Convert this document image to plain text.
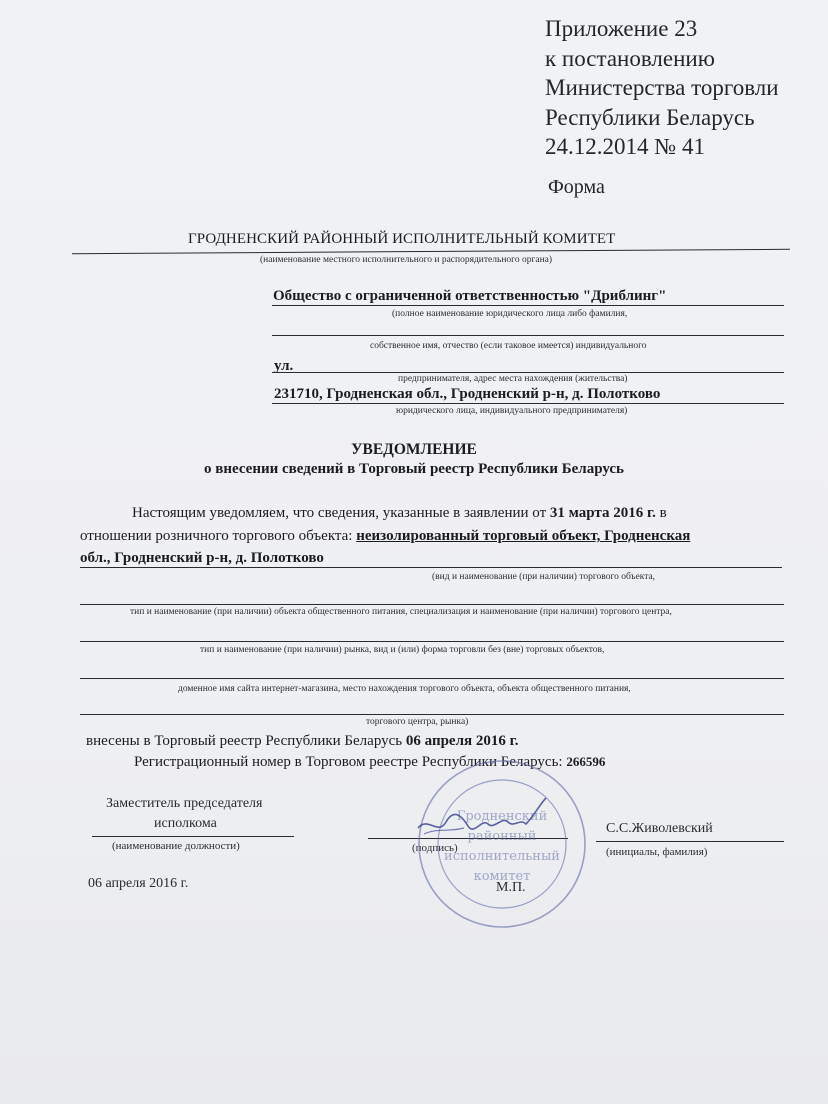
Приложение 23
к постановлению
Министерства торговли
Республики Беларусь
24.12.2014 № 41
Форма
ГРОДНЕНСКИЙ РАЙОННЫЙ ИСПОЛНИТЕЛЬНЫЙ КОМИТЕТ
(наименование местного исполнительного и распорядительного органа)
Общество с ограниченной ответственностью "Дриблинг"
(полное наименование юридического лица либо фамилия,
собственное имя, отчество (если таковое имеется) индивидуального
ул.
предпринимателя, адрес места нахождения (жительства)
231710, Гродненская обл., Гродненский р-н, д. Полотково
юридического лица, индивидуального предпринимателя)
УВЕДОМЛЕНИЕ
о внесении сведений в Торговый реестр Республики Беларусь
Настоящим уведомляем, что сведения, указанные в заявлении от 31 марта 2016 г. в
отношении розничного торгового объекта: неизолированный торговый объект, Гродненская
обл., Гродненский р-н, д. Полотково
(вид и наименование (при наличии) торгового объекта,
тип и наименование (при наличии) объекта общественного питания, специализация и наименование (при наличии) торгового центра,
тип и наименование (при наличии) рынка, вид и (или) форма торговли без (вне) торговых объектов,
доменное имя сайта интернет-магазина, место нахождения торгового объекта, объекта общественного питания,
торгового центра, рынка)
внесены в Торговый реестр Республики Беларусь 06 апреля 2016 г.
Регистрационный номер в Торговом реестре Республики Беларусь: 266596
Заместитель председателя
исполкома
(наименование должности)	(подпись)
С.С.Живолевский
(инициалы, фамилия)
М.П.
06 апреля 2016 г.
Гродненский
районный
исполнительный
комитет
